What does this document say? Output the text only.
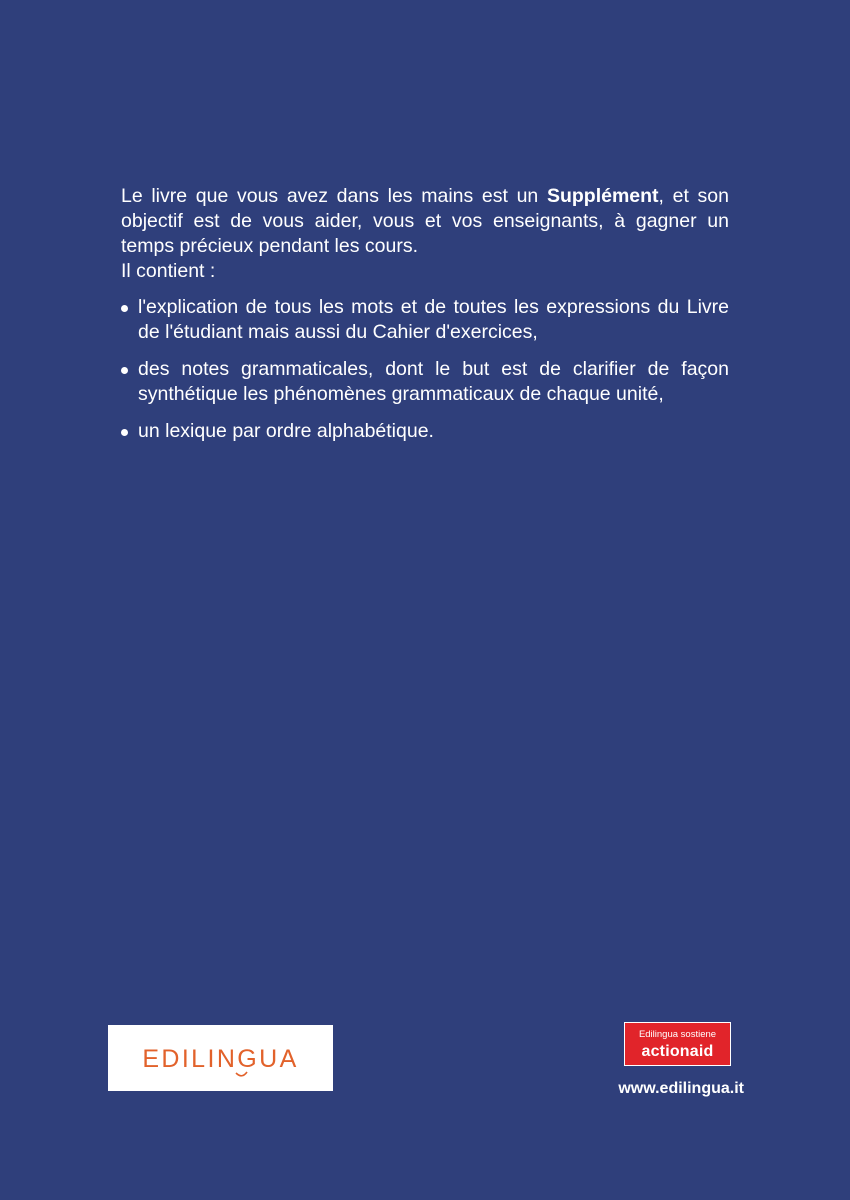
Le livre que vous avez dans les mains est un Supplément, et son objectif est de vous aider, vous et vos enseignants, à gagner un temps précieux pendant les cours.

Il contient :

l'explication de tous les mots et de toutes les expressions du Livre de l'étudiant mais aussi du Cahier d'exercices,
des notes grammaticales, dont le but est de clarifier de façon synthétique les phénomènes grammaticaux de chaque unité,
un lexique par ordre alphabétique.
EDILINGUA
Edilingua sostiene
actionaid
www.edilingua.it
